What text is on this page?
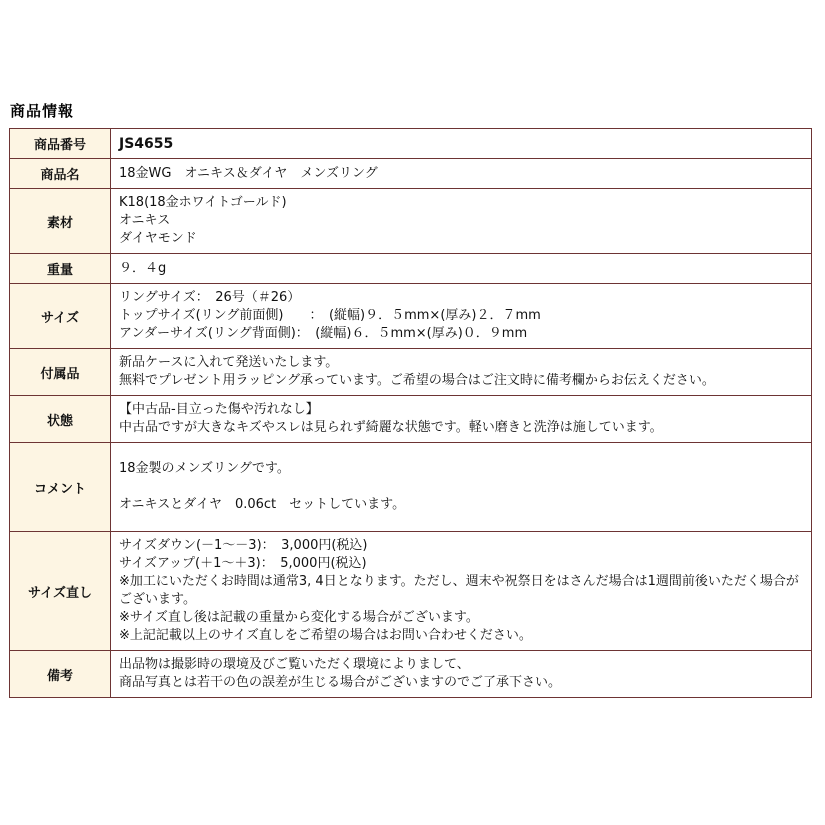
商品情報
商品番号	JS4655

商品名	18金WG　オニキス＆ダイヤ　メンズリング

素材	K18(18金ホワイトゴールド)
オニキス
ダイヤモンド

重量	９．４g

サイズ	リングサイズ：　26号（＃26）
トップサイズ(リング前面側)　　：　(縦幅)９．５mm×(厚み)２．７mm
アンダーサイズ(リング背面側)：　(縦幅)６．５mm×(厚み)０．９mm

付属品	新品ケースに入れて発送いたします。
無料でプレゼント用ラッピング承っています。ご希望の場合はご注文時に備考欄からお伝えください。

状態	【中古品-目立った傷や汚れなし】
中古品ですが大きなキズやスレは見られず綺麗な状態です。軽い磨きと洗浄は施しています。

コメント	18金製のメンズリングです。
オニキスとダイヤ　0.06ct　セットしています。

サイズ直し	サイズダウン(－1～－3)：　3,000円(税込)
サイズアップ(＋1～＋3)：　5,000円(税込)
※加工にいただくお時間は通常3, 4日となります。ただし、週末や祝祭日をはさんだ場合は1週間前後いただく場合がございます。
※サイズ直し後は記載の重量から変化する場合がございます。
※上記記載以上のサイズ直しをご希望の場合はお問い合わせください。

備考	出品物は撮影時の環境及びご覧いただく環境によりまして、
商品写真とは若干の色の誤差が生じる場合がございますのでご了承下さい。
